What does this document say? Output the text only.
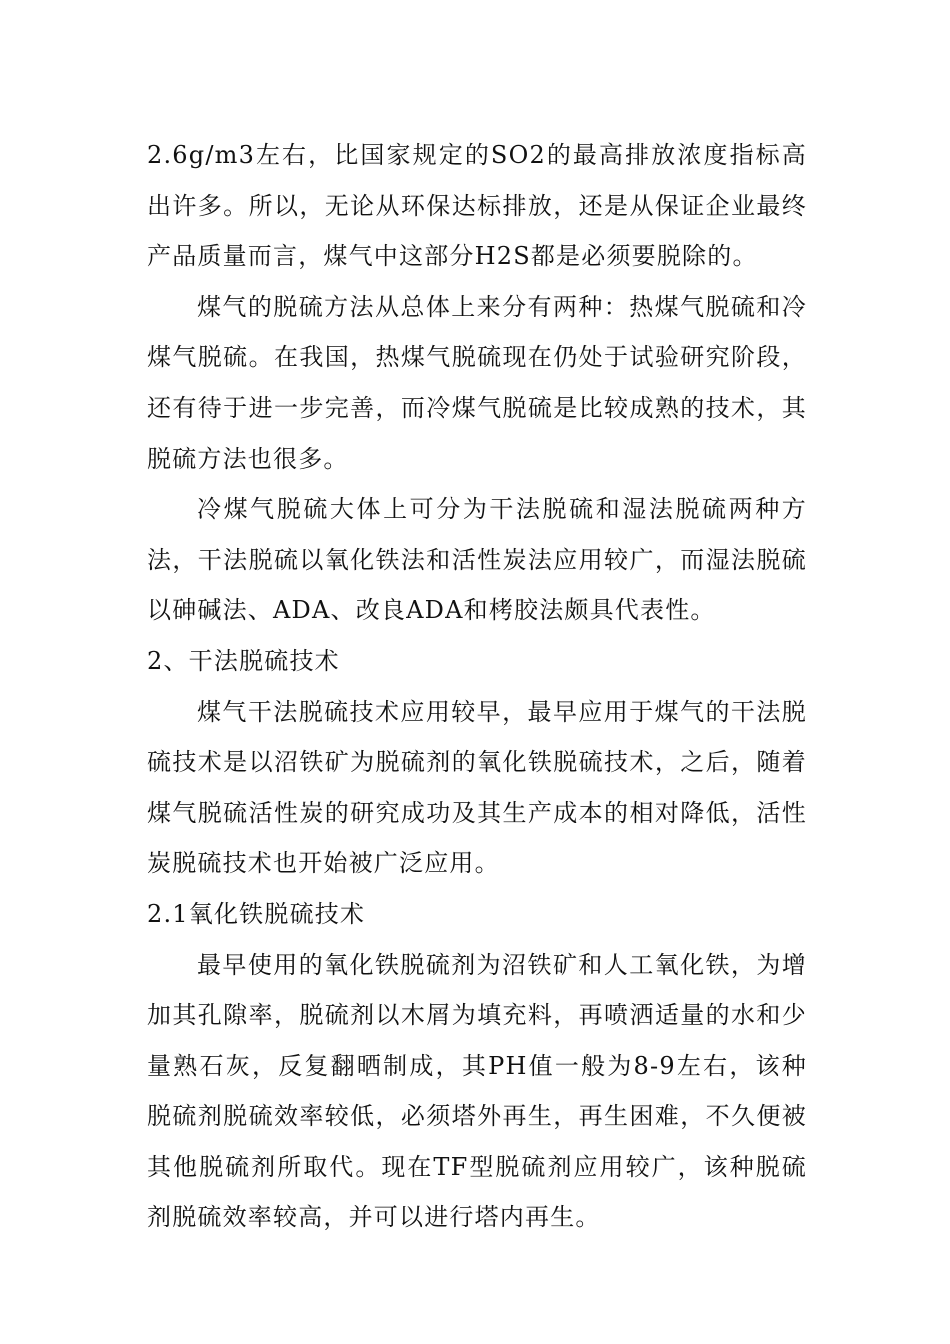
2.6g/m3左右，比国家规定的SO2的最高排放浓度指标高出许多。所以，无论从环保达标排放，还是从保证企业最终产品质量而言，煤气中这部分H2S都是必须要脱除的。

煤气的脱硫方法从总体上来分有两种：热煤气脱硫和冷煤气脱硫。在我国，热煤气脱硫现在仍处于试验研究阶段，还有待于进一步完善，而冷煤气脱硫是比较成熟的技术，其脱硫方法也很多。

冷煤气脱硫大体上可分为干法脱硫和湿法脱硫两种方法，干法脱硫以氧化铁法和活性炭法应用较广，而湿法脱硫以砷碱法、ADA、改良ADA和栲胶法颇具代表性。

2、干法脱硫技术

煤气干法脱硫技术应用较早，最早应用于煤气的干法脱硫技术是以沼铁矿为脱硫剂的氧化铁脱硫技术，之后，随着煤气脱硫活性炭的研究成功及其生产成本的相对降低，活性炭脱硫技术也开始被广泛应用。

2.1氧化铁脱硫技术

最早使用的氧化铁脱硫剂为沼铁矿和人工氧化铁，为增加其孔隙率，脱硫剂以木屑为填充料，再喷洒适量的水和少量熟石灰，反复翻晒制成，其PH值一般为8-9左右，该种脱硫剂脱硫效率较低，必须塔外再生，再生困难，不久便被其他脱硫剂所取代。现在TF型脱硫剂应用较广，该种脱硫剂脱硫效率较高，并可以进行塔内再生。
